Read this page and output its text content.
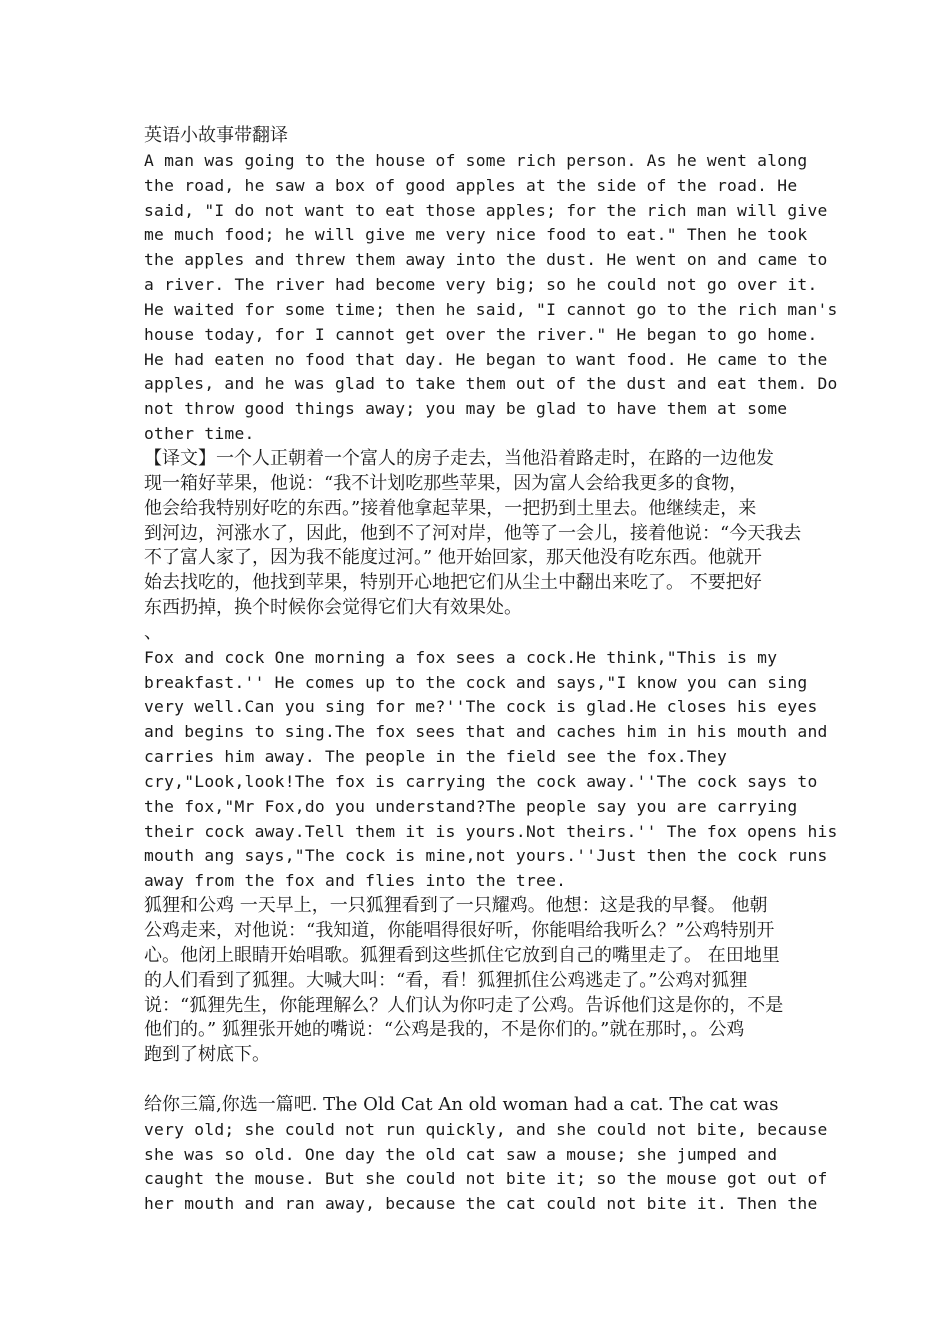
英语小故事带翻译
A man was going to the house of some rich person. As he went along
the road, he saw a box of good apples at the side of the road. He
said, "I do not want to eat those apples; for the rich man will give
me much food; he will give me very nice food to eat." Then he took
the apples and threw them away into the dust. He went on and came to
a river. The river had become very big; so he could not go over it.
He waited for some time; then he said, "I cannot go to the rich man's
house today, for I cannot get over the river." He began to go home.
He had eaten no food that day. He began to want food. He came to the
apples, and he was glad to take them out of the dust and eat them. Do
not throw good things away; you may be glad to have them at some
other time.
【译文】一个人正朝着一个富人的房子走去，当他沿着路走时，在路的一边他发
现一箱好苹果，他说：“我不计划吃那些苹果，因为富人会给我更多的食物，
他会给我特别好吃的东西。”接着他拿起苹果，一把扔到土里去。他继续走，来
到河边，河涨水了，因此，他到不了河对岸，他等了一会儿，接着他说：“今天我去
不了富人家了，因为我不能度过河。” 他开始回家，那天他没有吃东西。他就开
始去找吃的，他找到苹果，特别开心地把它们从尘土中翻出来吃了。 不要把好
东西扔掉，换个时候你会觉得它们大有效果处。
、
Fox and cock One morning a fox sees a cock.He think,"This is my
breakfast.'' He comes up to the cock and says,"I know you can sing
very well.Can you sing for me?''The cock is glad.He closes his eyes
and begins to sing.The fox sees that and caches him in his mouth and
carries him away. The people in the field see the fox.They
cry,"Look,look!The fox is carrying the cock away.''The cock says to
the fox,"Mr Fox,do you understand?The people say you are carrying
their cock away.Tell them it is yours.Not theirs.'' The fox opens his
mouth ang says,"The cock is mine,not yours.''Just then the cock runs
away from the fox and flies into the tree.
狐狸和公鸡 一天早上，一只狐狸看到了一只耀鸡。他想：这是我的早餐。 他朝
公鸡走来，对他说：“我知道，你能唱得很好听，你能唱给我听么？”公鸡特别开
心。他闭上眼睛开始唱歌。狐狸看到这些抓住它放到自己的嘴里走了。 在田地里
的人们看到了狐狸。大喊大叫：“看，看！狐狸抓住公鸡逃走了。”公鸡对狐狸
说：“狐狸先生，你能理解么？人们认为你叼走了公鸡。告诉他们这是你的，不是
他们的。” 狐狸张开她的嘴说：“公鸡是我的，不是你们的。”就在那时，。公鸡
跑到了树底下。
给你三篇,你选一篇吧. The Old Cat An old woman had a cat. The cat was
very old; she could not run quickly, and she could not bite, because
she was so old. One day the old cat saw a mouse; she jumped and
caught the mouse. But she could not bite it; so the mouse got out of
her mouth and ran away, because the cat could not bite it. Then the
